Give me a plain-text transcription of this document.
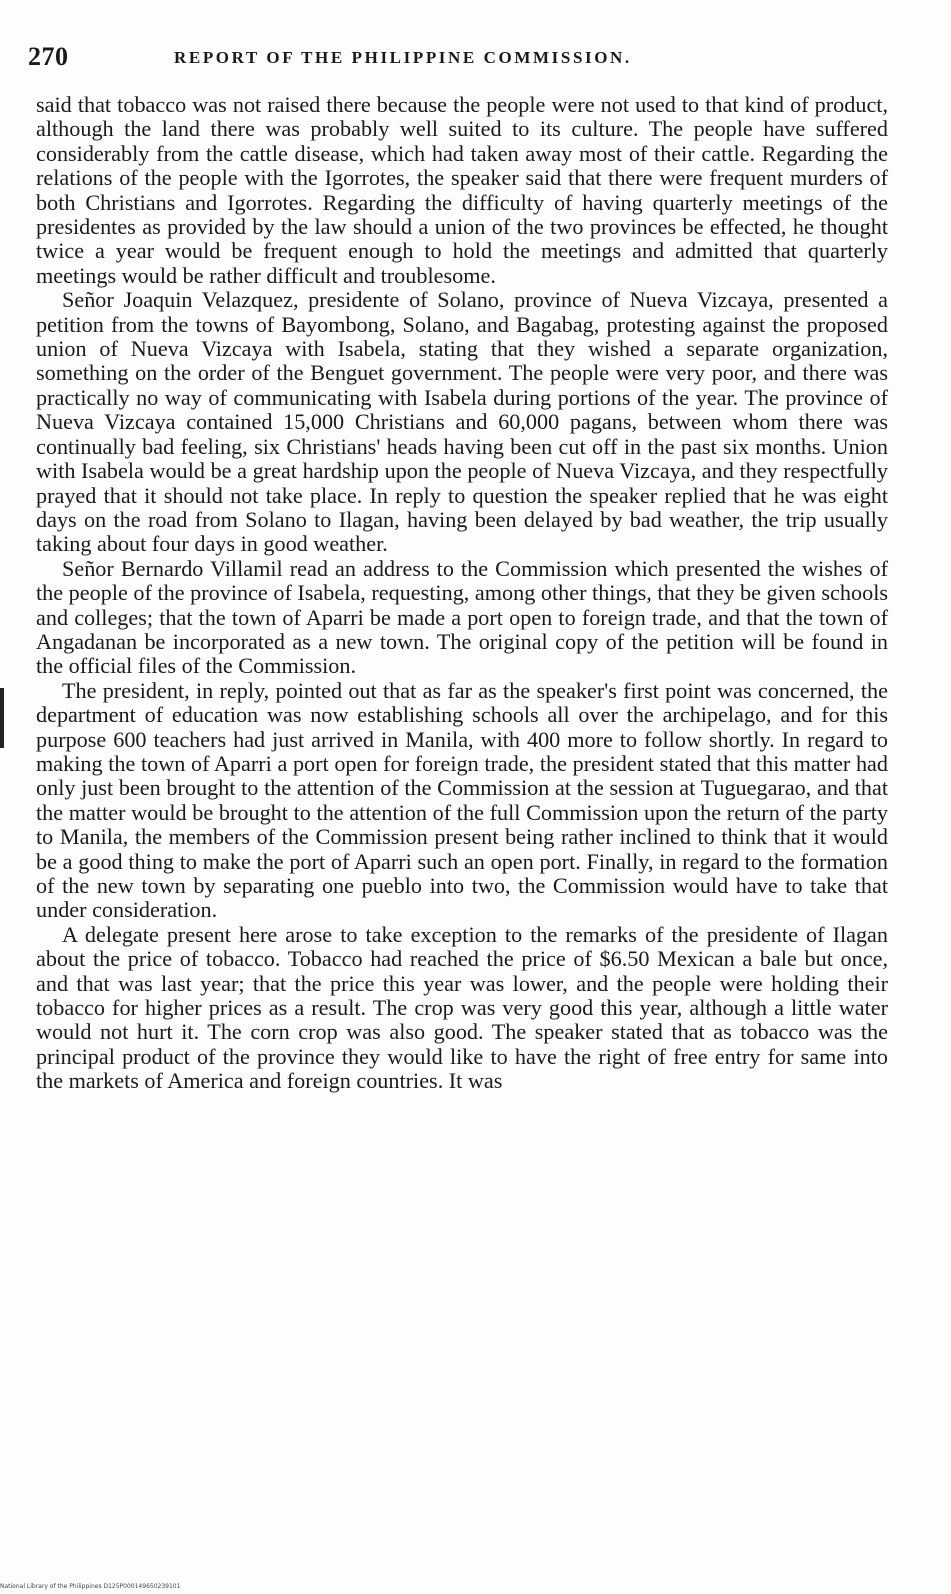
270	REPORT OF THE PHILIPPINE COMMISSION.

said that tobacco was not raised there because the people were not used to that kind of product, although the land there was probably well suited to its culture. The people have suffered considerably from the cattle disease, which had taken away most of their cattle. Regarding the relations of the people with the Igorrotes, the speaker said that there were frequent murders of both Christians and Igorrotes. Regarding the difficulty of having quarterly meetings of the presidentes as provided by the law should a union of the two provinces be effected, he thought twice a year would be frequent enough to hold the meetings and admitted that quarterly meetings would be rather difficult and troublesome.

Señor Joaquin Velazquez, presidente of Solano, province of Nueva Vizcaya, presented a petition from the towns of Bayombong, Solano, and Bagabag, protesting against the proposed union of Nueva Vizcaya with Isabela, stating that they wished a separate organization, something on the order of the Benguet government. The people were very poor, and there was practically no way of communicating with Isabela during portions of the year. The province of Nueva Vizcaya contained 15,000 Christians and 60,000 pagans, between whom there was continually bad feeling, six Christians' heads having been cut off in the past six months. Union with Isabela would be a great hardship upon the people of Nueva Vizcaya, and they respectfully prayed that it should not take place. In reply to question the speaker replied that he was eight days on the road from Solano to Ilagan, having been delayed by bad weather, the trip usually taking about four days in good weather.

Señor Bernardo Villamil read an address to the Commission which presented the wishes of the people of the province of Isabela, requesting, among other things, that they be given schools and colleges; that the town of Aparri be made a port open to foreign trade, and that the town of Angadanan be incorporated as a new town. The original copy of the petition will be found in the official files of the Commission.

The president, in reply, pointed out that as far as the speaker's first point was concerned, the department of education was now establishing schools all over the archipelago, and for this purpose 600 teachers had just arrived in Manila, with 400 more to follow shortly. In regard to making the town of Aparri a port open for foreign trade, the president stated that this matter had only just been brought to the attention of the Commission at the session at Tuguegarao, and that the matter would be brought to the attention of the full Commission upon the return of the party to Manila, the members of the Commission present being rather inclined to think that it would be a good thing to make the port of Aparri such an open port. Finally, in regard to the formation of the new town by separating one pueblo into two, the Commission would have to take that under consideration.

A delegate present here arose to take exception to the remarks of the presidente of Ilagan about the price of tobacco. Tobacco had reached the price of $6.50 Mexican a bale but once, and that was last year; that the price this year was lower, and the people were holding their tobacco for higher prices as a result. The crop was very good this year, although a little water would not hurt it. The corn crop was also good. The speaker stated that as tobacco was the principal product of the province they would like to have the right of free entry for same into the markets of America and foreign countries. It was

National Library of the Philippines D125P000149650239101
